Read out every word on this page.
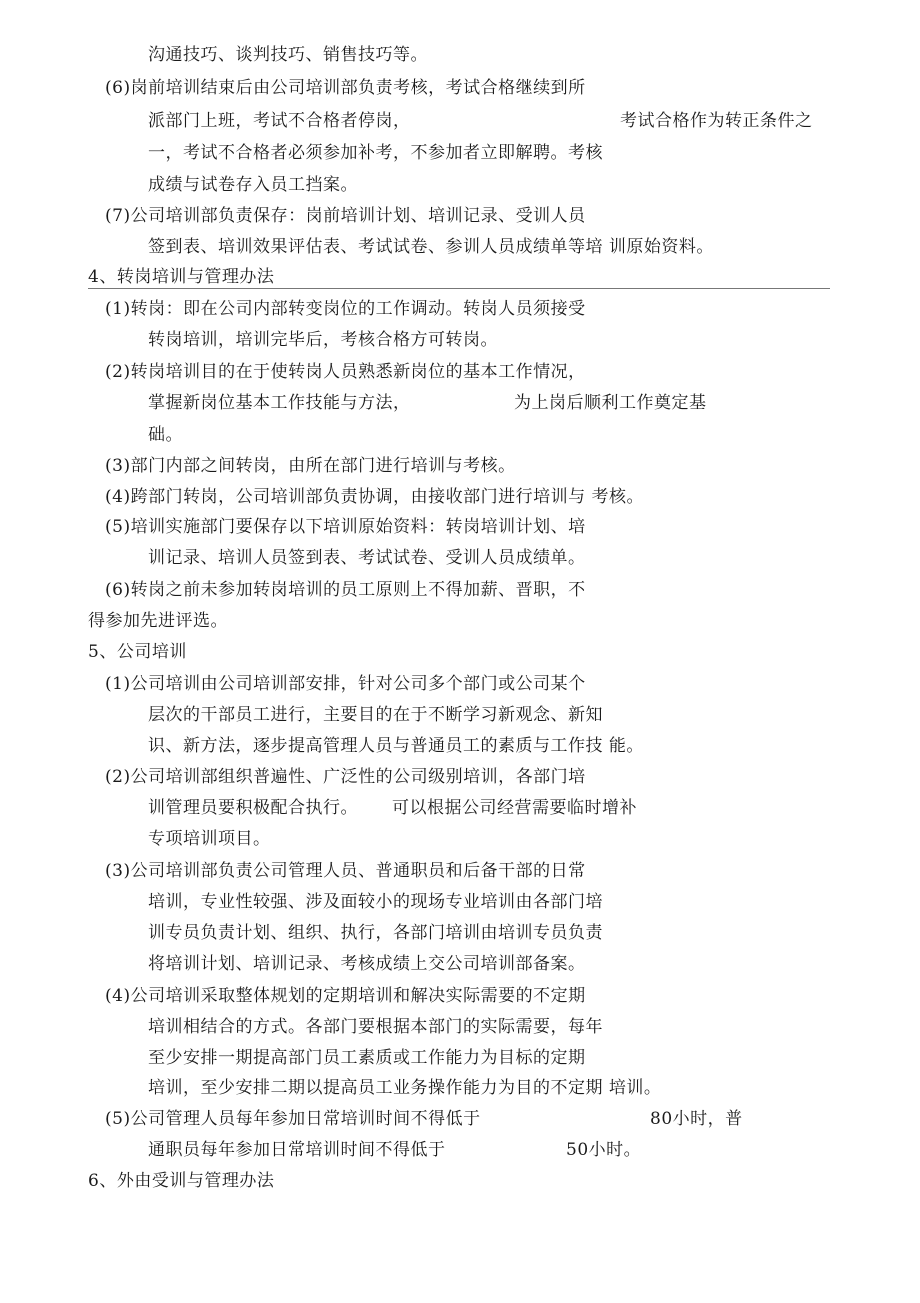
沟通技巧、谈判技巧、销售技巧等。
(6)岗前培训结束后由公司培训部负责考核，考试合格继续到所
派部门上班，考试不合格者停岗，	考试合格作为转正条件之
一，考试不合格者必须参加补考，不参加者立即解聘。考核
成绩与试卷存入员工挡案。
(7)公司培训部负责保存：岗前培训计划、培训记录、受训人员
签到表、培训效果评估表、考试试卷、参训人员成绩单等培 训原始资料。
4、转岗培训与管理办法
(1)转岗：即在公司内部转变岗位的工作调动。转岗人员须接受
转岗培训，培训完毕后，考核合格方可转岗。
(2)转岗培训目的在于使转岗人员熟悉新岗位的基本工作情况，
掌握新岗位基本工作技能与方法，	为上岗后顺利工作奠定基
础。
(3)部门内部之间转岗，由所在部门进行培训与考核。
(4)跨部门转岗，公司培训部负责协调，由接收部门进行培训与 考核。
(5)培训实施部门要保存以下培训原始资料：转岗培训计划、培
训记录、培训人员签到表、考试试卷、受训人员成绩单。
(6)转岗之前未参加转岗培训的员工原则上不得加薪、晋职，不
得参加先进评选。
5、公司培训
(1)公司培训由公司培训部安排，针对公司多个部门或公司某个
层次的干部员工进行，主要目的在于不断学习新观念、新知
识、新方法，逐步提高管理人员与普通员工的素质与工作技 能。
(2)公司培训部组织普遍性、广泛性的公司级别培训，各部门培
训管理员要积极配合执行。 可以根据公司经营需要临时增补
专项培训项目。
(3)公司培训部负责公司管理人员、普通职员和后备干部的日常
培训，专业性较强、涉及面较小的现场专业培训由各部门培
训专员负责计划、组织、执行，各部门培训由培训专员负责
将培训计划、培训记录、考核成绩上交公司培训部备案。
(4)公司培训采取整体规划的定期培训和解决实际需要的不定期
培训相结合的方式。各部门要根据本部门的实际需要，每年
至少安排一期提高部门员工素质或工作能力为目标的定期
培训，至少安排二期以提高员工业务操作能力为目的不定期 培训。
(5)公司管理人员每年参加日常培训时间不得低于	80小时，普
通职员每年参加日常培训时间不得低于	50小时。
6、外由受训与管理办法
